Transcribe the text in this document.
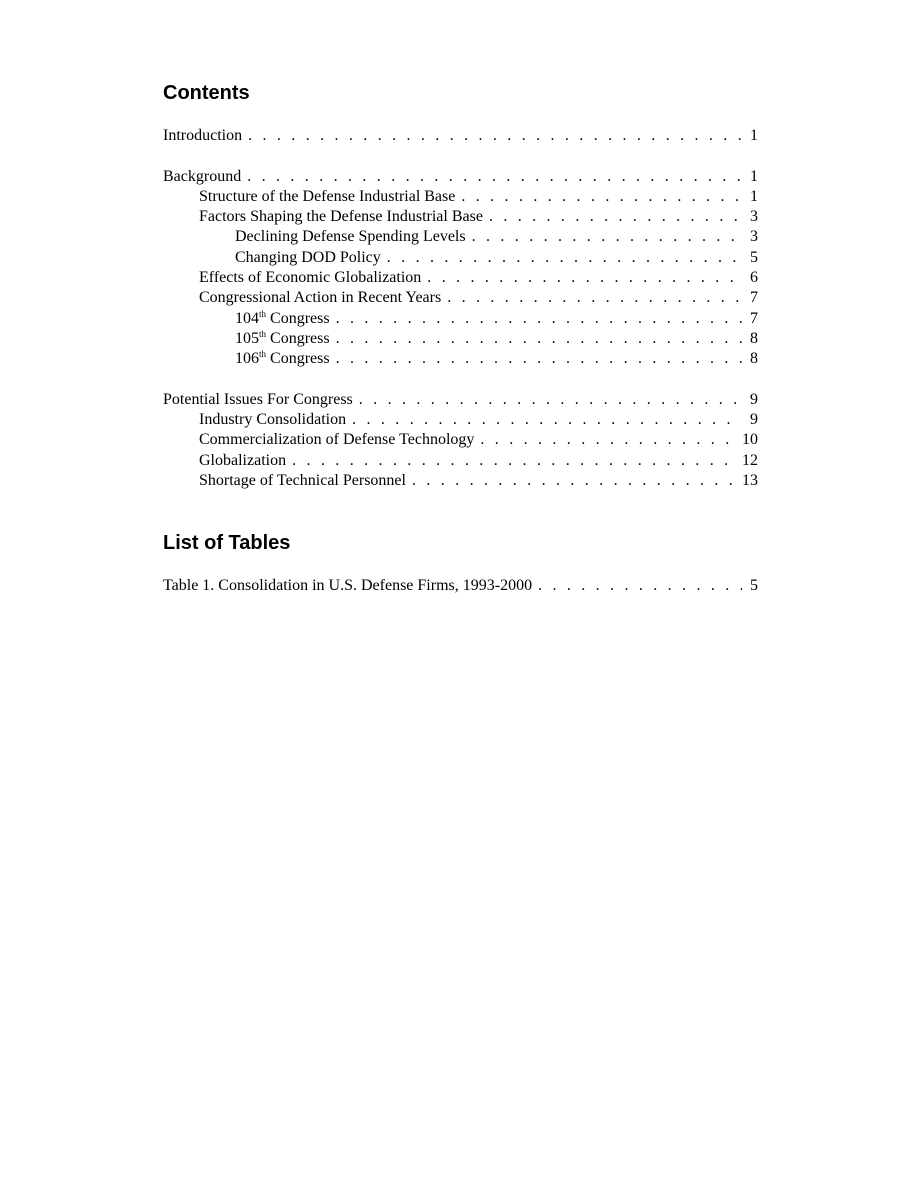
Contents
Introduction . . .	1
Background . . .	1
Structure of the Defense Industrial Base . . .	1
Factors Shaping the Defense Industrial Base . . .	3
Declining Defense Spending Levels . . .	3
Changing DOD Policy . . .	5
Effects of Economic Globalization . . .	6
Congressional Action in Recent Years . . .	7
104th Congress . . .	7
105th Congress . . .	8
106th Congress . . .	8
Potential Issues For Congress . . .	9
Industry Consolidation . . .	9
Commercialization of Defense Technology . . .	10
Globalization . . .	12
Shortage of Technical Personnel . . .	13
List of Tables
Table 1. Consolidation in U.S. Defense Firms, 1993-2000 . . .	5
